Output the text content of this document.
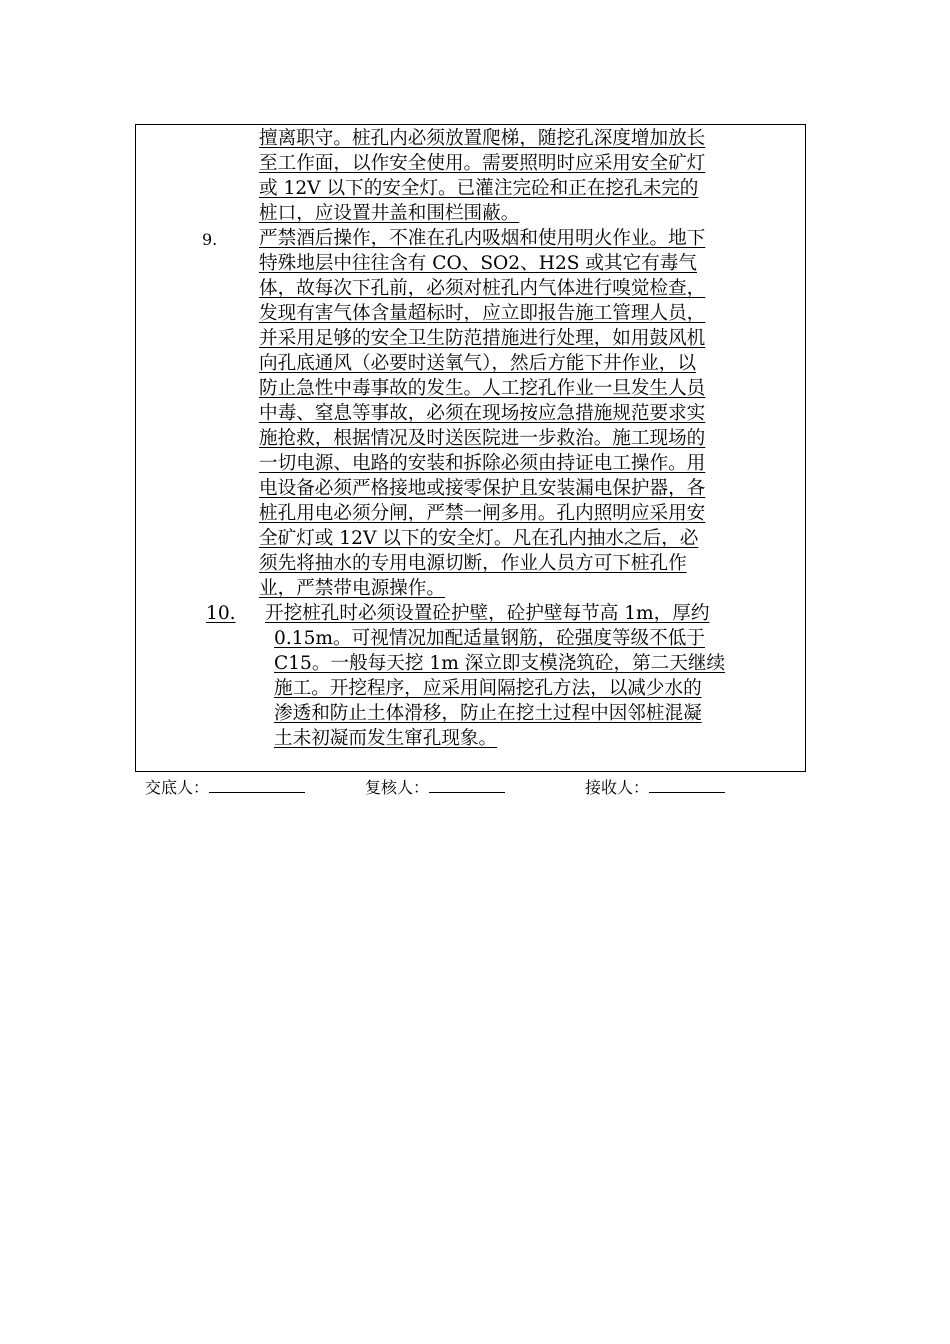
擅离职守。桩孔内必须放置爬梯，随挖孔深度增加放长
至工作面，以作安全使用。需要照明时应采用安全矿灯
或 12V 以下的安全灯。已灌注完砼和正在挖孔未完的
桩口，应设置井盖和围栏围蔽。
9. 严禁酒后操作，不准在孔内吸烟和使用明火作业。地下
特殊地层中往往含有 CO、SO2、H2S 或其它有毒气
体，故每次下孔前，必须对桩孔内气体进行嗅觉检查，
发现有害气体含量超标时，应立即报告施工管理人员，
并采用足够的安全卫生防范措施进行处理，如用鼓风机
向孔底通风（必要时送氧气），然后方能下井作业，以
防止急性中毒事故的发生。人工挖孔作业一旦发生人员
中毒、窒息等事故，必须在现场按应急措施规范要求实
施抢救，根据情况及时送医院进一步救治。施工现场的
一切电源、电路的安装和拆除必须由持证电工操作。用
电设备必须严格接地或接零保护且安装漏电保护器，各
桩孔用电必须分闸，严禁一闸多用。孔内照明应采用安
全矿灯或 12V 以下的安全灯。凡在孔内抽水之后，必
须先将抽水的专用电源切断，作业人员方可下桩孔作
业，严禁带电源操作。
10. 开挖桩孔时必须设置砼护壁，砼护壁每节高 1m，厚约
0.15m。可视情况加配适量钢筋，砼强度等级不低于
C15。一般每天挖 1m 深立即支模浇筑砼，第二天继续
施工。开挖程序，应采用间隔挖孔方法，以减少水的
渗透和防止土体滑移，防止在挖土过程中因邻桩混凝
土未初凝而发生窜孔现象。
交底人：	复核人：	接收人：
